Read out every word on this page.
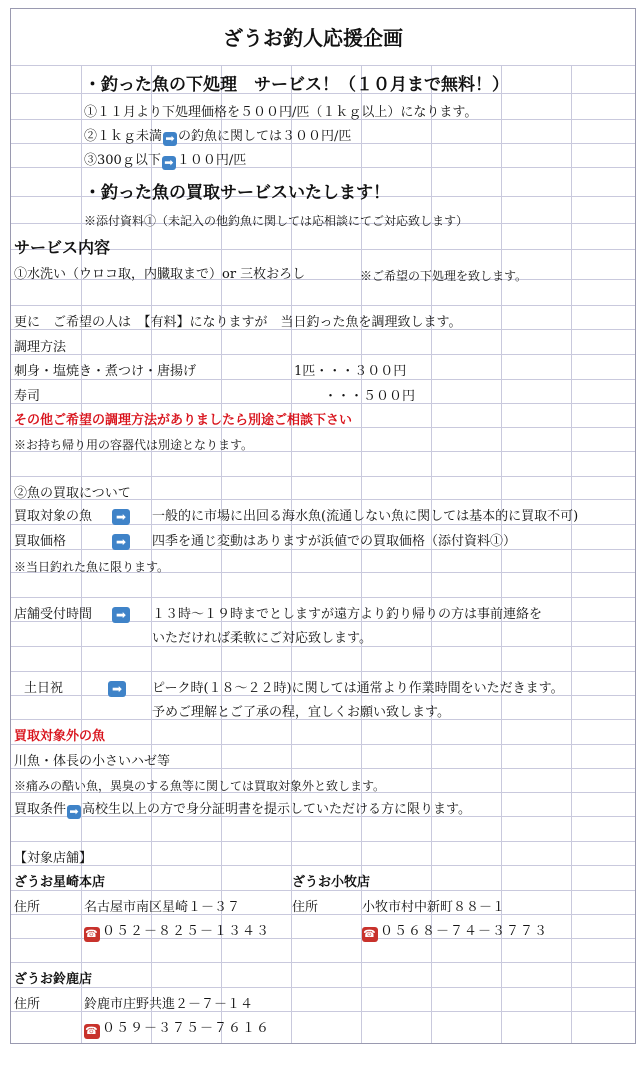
ざうお釣人応援企画
・釣った魚の下処理　サービス！（１０月まで無料！）
①１１月より下処理価格を５００円/匹（１ｋｇ以上）になります。
②１ｋｇ未満 ➡ の釣魚に関しては３００円/匹
③300ｇ以下 ➡ １００円/匹
・釣った魚の買取サービスいたします！
※添付資料①（未記入の他釣魚に関しては応相談にてご対応致します）
サービス内容
①水洗い（ウロコ取，内臓取まで）or 三枚おろし	※ご希望の下処理を致します。
更に　ご希望の人は　【有料】になりますが　当日釣った魚を調理致します。
調理方法
刺身・塩焼き・煮つけ・唐揚げ	1匹・・・３００円
寿司	・・・５００円
その他ご希望の調理方法がありましたら別途ご相談下さい
※お持ち帰り用の容器代は別途となります。
②魚の買取について
買取対象の魚	➡	一般的に市場に出回る海水魚(流通しない魚に関しては基本的に買取不可)
買取価格	➡	四季を通じ変動はありますが浜値での買取価格（添付資料①）
※当日釣れた魚に限ります。
店舗受付時間	➡	１３時～１９時までとしますが遠方より釣り帰りの方は事前連絡を
いただければ柔軟にご対応致します。
土日祝	➡	ピーク時(１８～２２時)に関しては通常より作業時間をいただきます。
予めご理解とご了承の程，宜しくお願い致します。
買取対象外の魚
川魚・体長の小さいハゼ等
※痛みの酷い魚，異臭のする魚等に関しては買取対象外と致します。
買取条件 ➡ 高校生以上の方で身分証明書を提示していただける方に限ります。
【対象店舗】
ざうお星崎本店
住所	名古屋市南区星崎１－３７
☎ ０５２－８２５－１３４３
ざうお小牧店
住所	小牧市村中新町８８－１
☎ ０５６８－７４－３７７３
ざうお鈴鹿店
住所	鈴鹿市庄野共進２－７－１４
☎ ０５９－３７５－７６１６
